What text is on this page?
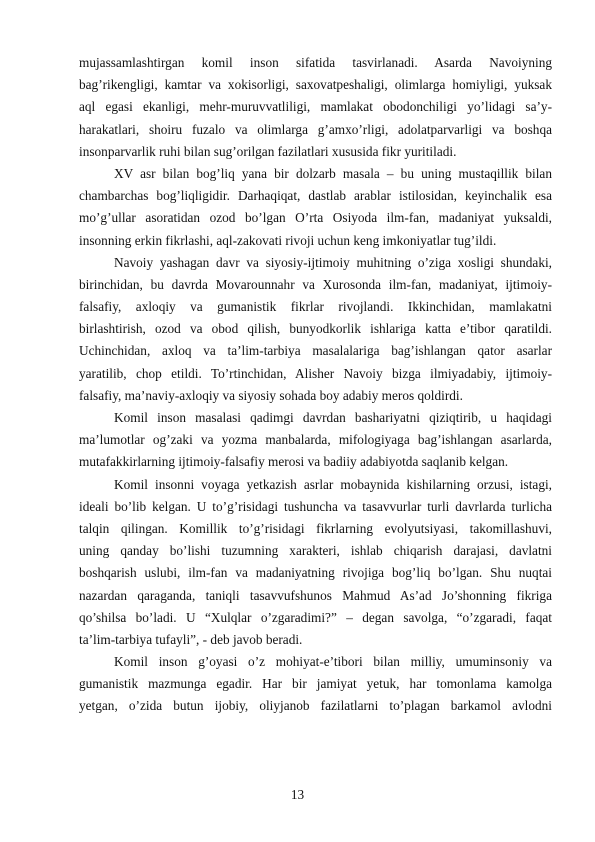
mujassamlashtirgan komil inson sifatida tasvirlanadi. Asarda Navoiyning
bag’rikengligi, kamtar va xokisorligi, saxovatpeshaligi, olimlarga homiyligi, yuksak
aql egasi ekanligi, mehr-muruvvatliligi, mamlakat obodonchiligi yo’lidagi sa’y-
harakatlari, shoiru fuzalo va olimlarga g’amxo’rligi, adolatparvarligi va boshqa
insonparvarlik ruhi bilan sug’orilgan fazilatlari xususida fikr yuritiladi.
XV asr bilan bog’liq yana bir dolzarb masala – bu uning mustaqillik bilan
chambarchas bog’liqligidir. Darhaqiqat, dastlab arablar istilosidan, keyinchalik esa
mo’g’ullar asoratidan ozod bo’lgan O’rta Osiyoda ilm-fan, madaniyat yuksaldi,
insonning erkin fikrlashi, aql-zakovati rivoji uchun keng imkoniyatlar tug’ildi.
Navoiy yashagan davr va siyosiy-ijtimoiy muhitning o’ziga xosligi shundaki,
birinchidan, bu davrda Movarounnahr va Xurosonda ilm-fan, madaniyat, ijtimoiy-
falsafiy, axloqiy va gumanistik fikrlar rivojlandi. Ikkinchidan, mamlakatni
birlashtirish, ozod va obod qilish, bunyodkorlik ishlariga katta e’tibor qaratildi.
Uchinchidan, axloq va ta’lim-tarbiya masalalariga bag’ishlangan qator asarlar
yaratilib, chop etildi. To’rtinchidan, Alisher Navoiy bizga ilmiyadabiy, ijtimoiy-
falsafiy, ma’naviy-axloqiy va siyosiy sohada boy adabiy meros qoldirdi.
Komil inson masalasi qadimgi davrdan bashariyatni qiziqtirib, u haqidagi
ma’lumotlar og’zaki va yozma manbalarda, mifologiyaga bag’ishlangan asarlarda,
mutafakkirlarning ijtimoiy-falsafiy merosi va badiiy adabiyotda saqlanib kelgan.
Komil insonni voyaga yetkazish asrlar mobaynida kishilarning orzusi, istagi,
ideali bo’lib kelgan. U to’g’risidagi tushuncha va tasavvurlar turli davrlarda turlicha
talqin qilingan. Komillik to’g’risidagi fikrlarning evolyutsiyasi, takomillashuvi,
uning qanday bo’lishi tuzumning xarakteri, ishlab chiqarish darajasi, davlatni
boshqarish uslubi, ilm-fan va madaniyatning rivojiga bog’liq bo’lgan. Shu nuqtai
nazardan qaraganda, taniqli tasavvufshunos Mahmud As’ad Jo’shonning fikriga
qo’shilsa bo’ladi. U “Xulqlar o’zgaradimi?” – degan savolga, “o’zgaradi, faqat
ta’lim-tarbiya tufayli”, - deb javob beradi.
Komil inson g’oyasi o’z mohiyat-e’tibori bilan milliy, umuminsoniy va
gumanistik mazmunga egadir. Har bir jamiyat yetuk, har tomonlama kamolga
yetgan, o’zida butun ijobiy, oliyjanob fazilatlarni to’plagan barkamol avlodni
13
